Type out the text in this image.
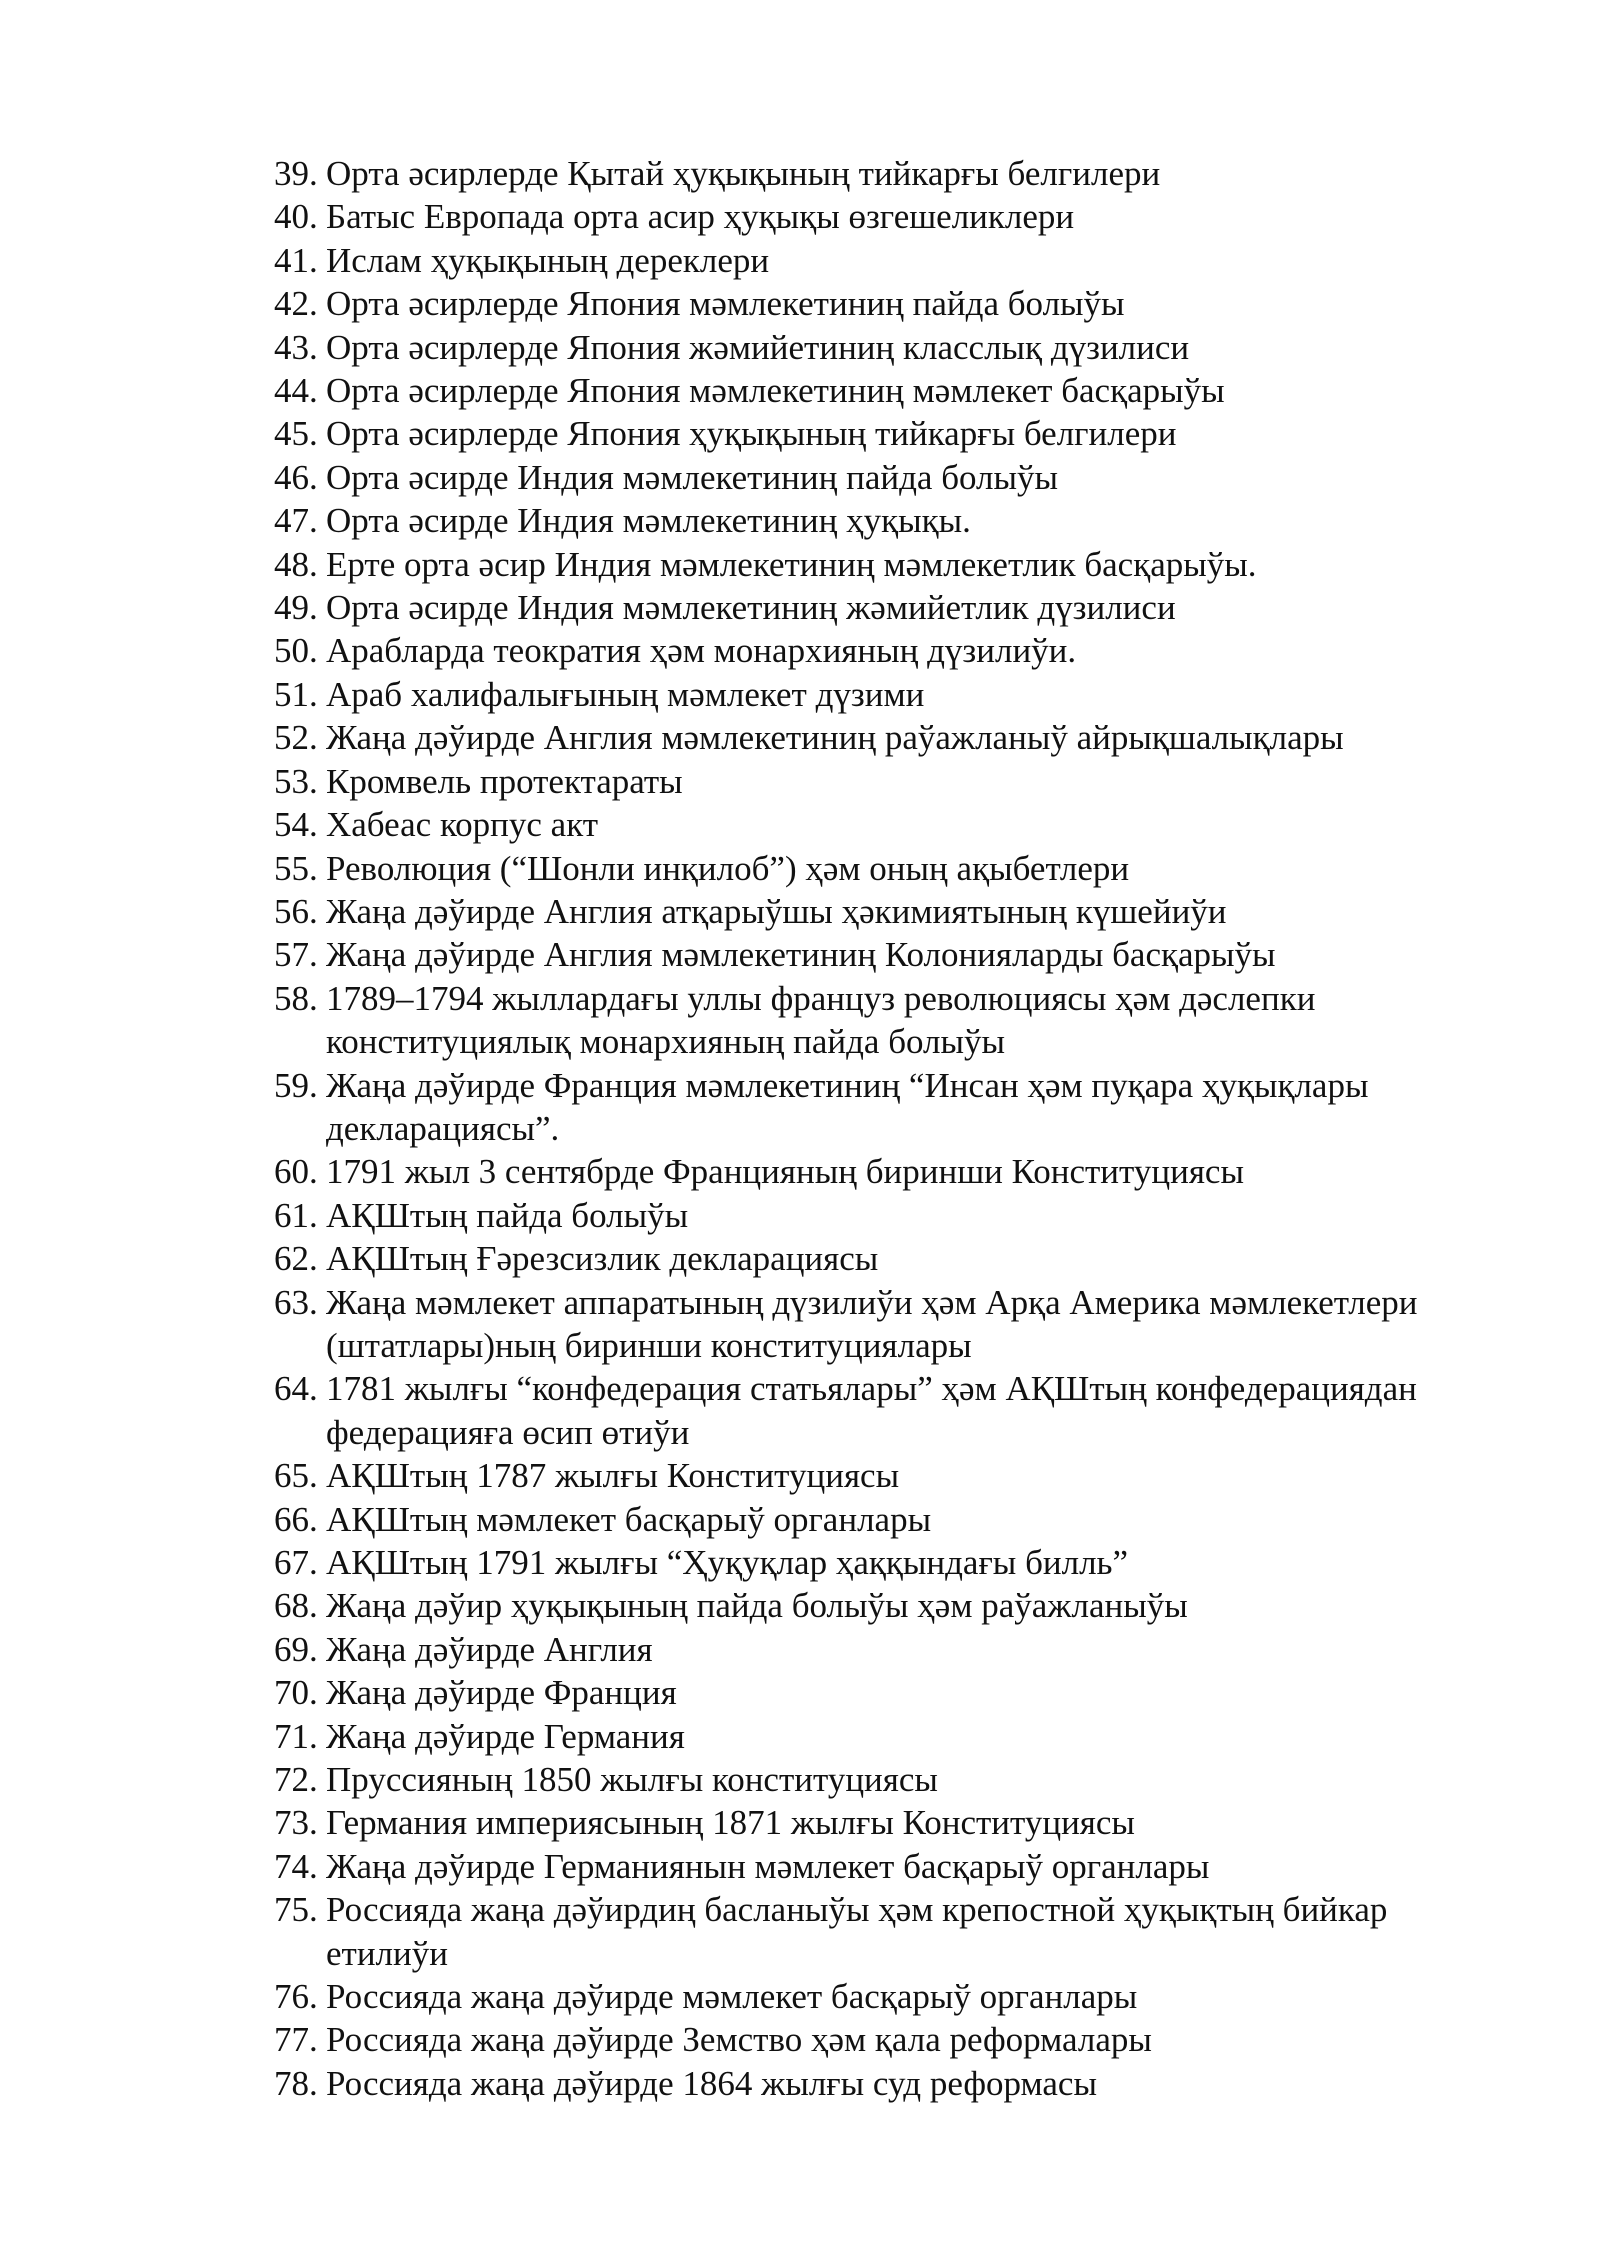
39. Орта әсирлерде Қытай ҳуқықының тийкарғы белгилери
40. Батыс Европада орта асир ҳуқықы өзгешеликлери
41. Ислам ҳуқықының дереклери
42. Орта әсирлерде Япония мәмлекетиниң пайда болыўы
43. Орта әсирлерде Япония жәмийетиниң класслық дүзилиси
44. Орта әсирлерде Япония мәмлекетиниң мәмлекет басқарыўы
45. Орта әсирлерде Япония ҳуқықының тийкарғы белгилери
46. Орта әсирде Индия мәмлекетиниң пайда болыўы
47. Орта әсирде Индия мәмлекетиниң ҳуқықы.
48. Ерте орта әсир Индия мәмлекетиниң мәмлекетлик басқарыўы.
49. Орта әсирде Индия мәмлекетиниң жәмийетлик дүзилиси
50. Арабларда теократия ҳәм монархияның дүзилиўи.
51. Араб халифалығының мәмлекет дүзими
52. Жаңа дәўирде Англия мәмлекетиниң раўажланыў айрықшалықлары
53. Кромвель протектараты
54. Хабеас корпус акт
55. Революция (“Шонли инқилоб”) ҳәм оның ақыбетлери
56. Жаңа дәўирде Англия атқарыўшы ҳәкимиятының күшейиўи
57. Жаңа дәўирде Англия мәмлекетиниң Колонияларды басқарыўы
58. 1789–1794 жыллардағы уллы француз революциясы ҳәм дәслепки конституциялық монархияның пайда болыўы
59. Жаңа дәўирде Франция мәмлекетиниң “Инсан ҳәм пуқара ҳуқықлары декларациясы”.
60. 1791 жыл 3 сентябрде Францияның биринши Конституциясы
61. АҚШтың пайда болыўы
62. АҚШтың Ғәрезсизлик декларациясы
63. Жаңа мәмлекет аппаратының дүзилиўи ҳәм Арқа Америка мәмлекетлери (штатлары)ның биринши конституциялары
64. 1781 жылғы “конфедерация статьялары” ҳәм АҚШтың конфедерациядан федерацияға өсип өтиўи
65. АҚШтың 1787 жылғы Конституциясы
66. АҚШтың мәмлекет басқарыў органлары
67. АҚШтың 1791 жылғы “Ҳуқуқлар ҳаққындағы билль”
68. Жаңа дәўир ҳуқықының пайда болыўы ҳәм раўажланыўы
69. Жаңа дәўирде Англия
70. Жаңа дәўирде Франция
71. Жаңа дәўирде Германия
72. Пруссияның 1850 жылғы конституциясы
73. Германия империясының 1871 жылғы Конституциясы
74. Жаңа дәўирде Германиянын мәмлекет басқарыў органлары
75. Россияда жаңа дәўирдиң басланыўы ҳәм крепостной ҳуқықтың бийкар етилиўи
76. Россияда жаңа дәўирде мәмлекет басқарыў органлары
77. Россияда жаңа дәўирде Земство ҳәм қала реформалары
78. Россияда жаңа дәўирде 1864 жылғы суд реформасы
